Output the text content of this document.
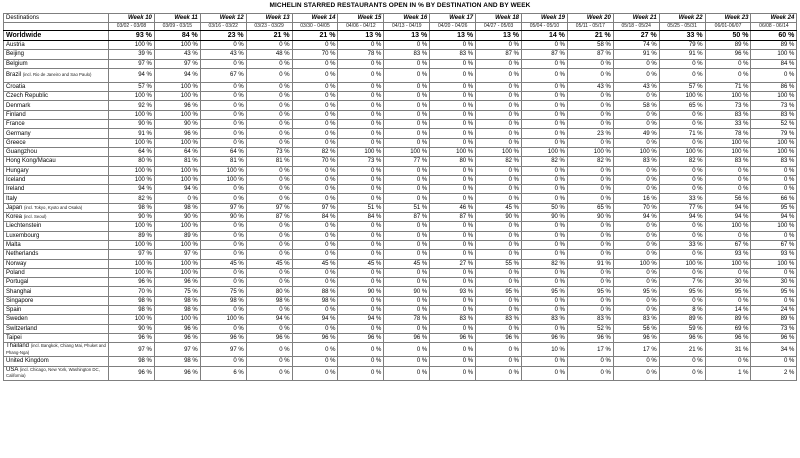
MICHELIN STARRED RESTAURANTS OPEN IN % BY DESTINATION AND BY WEEK
Destinations	Week 10	Week 11	Week 12	Week 13	Week 14	Week 15	Week 16	Week 17	Week 18	Week 19	Week 20	Week 21	Week 22	Week 23	Week 24
	03/02 - 03/08	03/09 - 03/15	03/16 - 03/22	03/23 - 03/29	03/30 - 04/05	04/06 - 04/12	04/13 - 04/19	04/20 - 04/26	04/27 - 05/03	05/04 - 05/10	05/11 - 05/17	05/18 - 05/24	05/25 - 05/31	06/01-06/07	06/08 - 06/14
Worldwide	93 %	84 %	23 %	21 %	21 %	13 %	13 %	13 %	13 %	14 %	21 %	27 %	33 %	50 %	60 %
Austria	100 %	100 %	0 %	0 %	0 %	0 %	0 %	0 %	0 %	0 %	58 %	74 %	79 %	89 %	89 %
Beijing	39 %	43 %	43 %	48 %	70 %	78 %	83 %	83 %	87 %	87 %	87 %	91 %	91 %	96 %	100 %
Belgium	97 %	97 %	0 %	0 %	0 %	0 %	0 %	0 %	0 %	0 %	0 %	0 %	0 %	0 %	84 %
Brazil (incl. Rio de Janeiro and Sao Paulo)	94 %	94 %	67 %	0 %	0 %	0 %	0 %	0 %	0 %	0 %	0 %	0 %	0 %	0 %	0 %
Croatia	57 %	100 %	0 %	0 %	0 %	0 %	0 %	0 %	0 %	0 %	43 %	43 %	57 %	71 %	86 %
Czech Republic	100 %	100 %	0 %	0 %	0 %	0 %	0 %	0 %	0 %	0 %	0 %	0 %	100 %	100 %	100 %
Denmark	92 %	96 %	0 %	0 %	0 %	0 %	0 %	0 %	0 %	0 %	0 %	58 %	65 %	73 %	73 %
Finland	100 %	100 %	0 %	0 %	0 %	0 %	0 %	0 %	0 %	0 %	0 %	0 %	0 %	83 %	83 %
France	90 %	90 %	0 %	0 %	0 %	0 %	0 %	0 %	0 %	0 %	0 %	0 %	0 %	33 %	52 %
Germany	91 %	96 %	0 %	0 %	0 %	0 %	0 %	0 %	0 %	0 %	23 %	49 %	71 %	78 %	79 %
Greece	100 %	100 %	0 %	0 %	0 %	0 %	0 %	0 %	0 %	0 %	0 %	0 %	0 %	100 %	100 %
Guangzhou	64 %	64 %	64 %	73 %	82 %	100 %	100 %	100 %	100 %	100 %	100 %	100 %	100 %	100 %	100 %
Hong Kong/Macau	80 %	81 %	81 %	81 %	70 %	73 %	77 %	80 %	82 %	82 %	82 %	83 %	82 %	83 %	83 %
Hungary	100 %	100 %	100 %	0 %	0 %	0 %	0 %	0 %	0 %	0 %	0 %	0 %	0 %	0 %	0 %
Iceland	100 %	100 %	100 %	0 %	0 %	0 %	0 %	0 %	0 %	0 %	0 %	0 %	0 %	0 %	0 %
Ireland	94 %	94 %	0 %	0 %	0 %	0 %	0 %	0 %	0 %	0 %	0 %	0 %	0 %	0 %	0 %
Italy	82 %	0 %	0 %	0 %	0 %	0 %	0 %	0 %	0 %	0 %	0 %	16 %	33 %	56 %	66 %
Japan (incl. Tokyo, Kyoto and Osaka)	98 %	98 %	97 %	97 %	97 %	51 %	51 %	46 %	45 %	50 %	65 %	70 %	77 %	94 %	95 %
Korea (incl. Seoul)	90 %	90 %	90 %	87 %	84 %	84 %	87 %	87 %	90 %	90 %	90 %	94 %	94 %	94 %	94 %
Liechtenstein	100 %	100 %	0 %	0 %	0 %	0 %	0 %	0 %	0 %	0 %	0 %	0 %	0 %	100 %	100 %
Luxembourg	89 %	89 %	0 %	0 %	0 %	0 %	0 %	0 %	0 %	0 %	0 %	0 %	0 %	0 %	0 %
Malta	100 %	100 %	0 %	0 %	0 %	0 %	0 %	0 %	0 %	0 %	0 %	0 %	33 %	67 %	67 %
Netherlands	97 %	97 %	0 %	0 %	0 %	0 %	0 %	0 %	0 %	0 %	0 %	0 %	0 %	93 %	93 %
Norway	100 %	100 %	45 %	45 %	45 %	45 %	45 %	27 %	55 %	82 %	91 %	100 %	100 %	100 %	100 %
Poland	100 %	100 %	0 %	0 %	0 %	0 %	0 %	0 %	0 %	0 %	0 %	0 %	0 %	0 %	0 %
Portugal	96 %	96 %	0 %	0 %	0 %	0 %	0 %	0 %	0 %	0 %	0 %	0 %	7 %	30 %	30 %
Shanghai	70 %	75 %	75 %	80 %	88 %	90 %	90 %	93 %	95 %	95 %	95 %	95 %	95 %	95 %	95 %
Singapore	98 %	98 %	98 %	98 %	98 %	0 %	0 %	0 %	0 %	0 %	0 %	0 %	0 %	0 %	0 %
Spain	98 %	98 %	0 %	0 %	0 %	0 %	0 %	0 %	0 %	0 %	0 %	0 %	8 %	14 %	24 %
Sweden	100 %	100 %	100 %	94 %	94 %	94 %	78 %	83 %	83 %	83 %	83 %	83 %	89 %	89 %	89 %
Switzerland	90 %	96 %	0 %	0 %	0 %	0 %	0 %	0 %	0 %	0 %	52 %	56 %	59 %	69 %	73 %
Taipei	96 %	96 %	96 %	96 %	96 %	96 %	96 %	96 %	96 %	96 %	96 %	96 %	96 %	96 %	96 %
Thailand (incl. Bangkok, Chiang Mai, Phuket and Phang-Nga)	97 %	97 %	97 %	0 %	0 %	0 %	0 %	0 %	0 %	10 %	17 %	17 %	21 %	31 %	34 %
United Kingdom	98 %	98 %	0 %	0 %	0 %	0 %	0 %	0 %	0 %	0 %	0 %	0 %	0 %	0 %	0 %
USA (incl. Chicago, New York, Washington DC, California)	96 %	96 %	6 %	0 %	0 %	0 %	0 %	0 %	0 %	0 %	0 %	0 %	0 %	1 %	2 %
